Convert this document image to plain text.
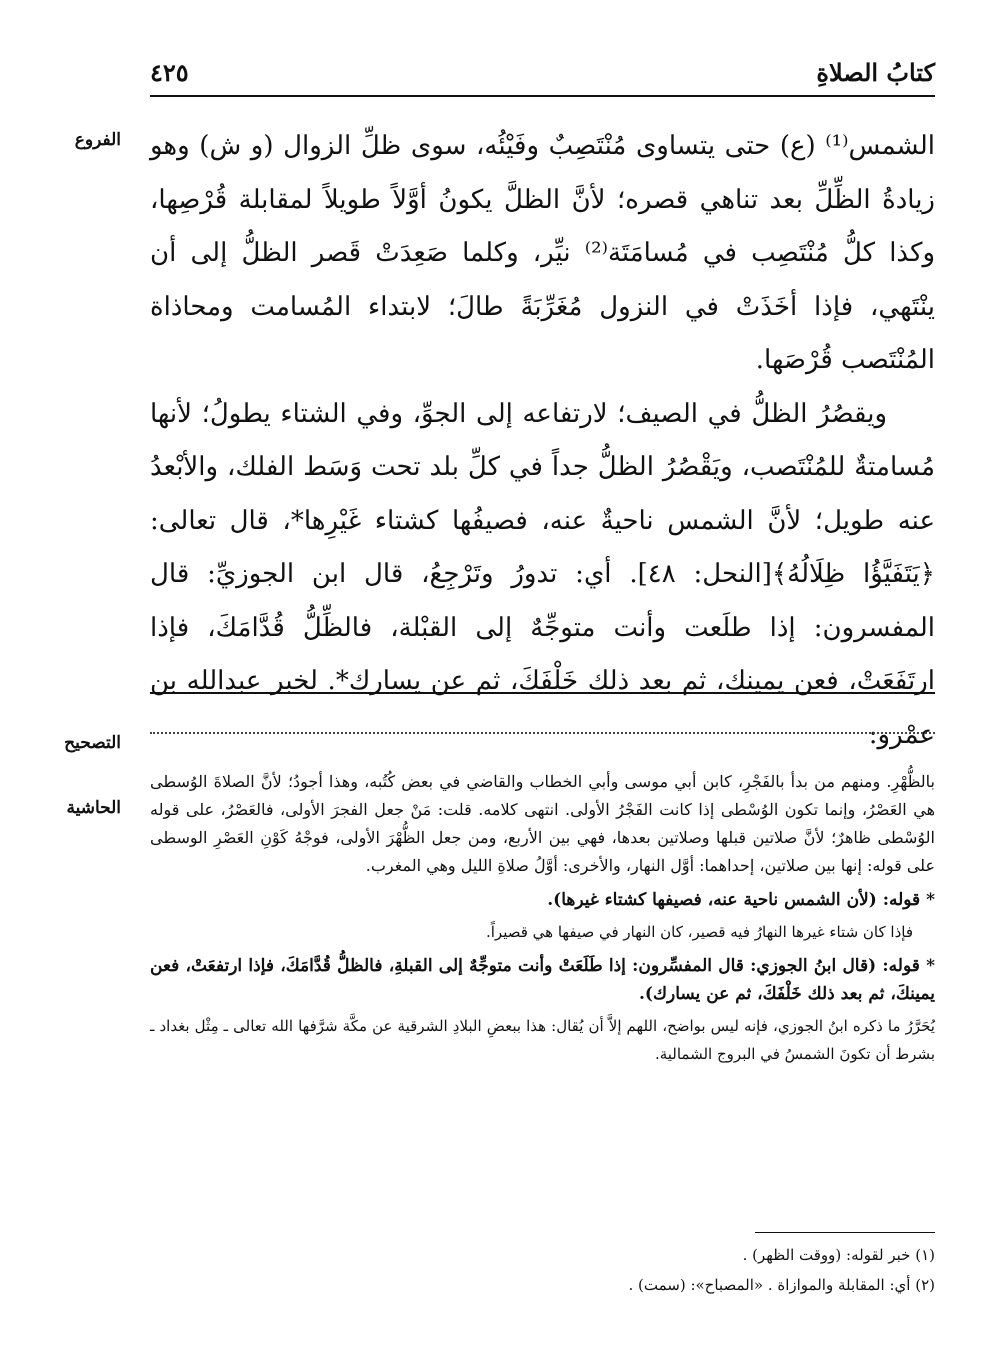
كتابُ الصلاةِ
٤٢٥
الفروع
التصحيح
الحاشية

الشمس⁽¹⁾ (ع) حتى يتساوى مُنْتَصِبٌ وفَيْئُه، سوى ظلِّ الزوال (و ش) وهو زيادةُ الظِّلِّ بعد تناهي قصره؛ لأنَّ الظلَّ يكونُ أوَّلاً طويلاً لمقابلة قُرْصِها، وكذا كلُّ مُنْتَصِب في مُسامَتَة⁽²⁾ نيِّر، وكلما صَعِدَتْ قَصر الظلُّ إلى أن ينْتَهي، فإذا أخَذَتْ في النزول مُغَرِّبَةً طالَ؛ لابتداء المُسامت ومحاذاة المُنْتَصب قُرْصَها.

ويقصُرُ الظلُّ في الصيف؛ لارتفاعه إلى الجوِّ، وفي الشتاء يطولُ؛ لأنها مُسامتةٌ للمُنْتَصب، ويَقْصُرُ الظلُّ جداً في كلِّ بلد تحت وَسَط الفلك، والأبْعدُ عنه طويل؛ لأنَّ الشمس ناحيةٌ عنه، فصيفُها كشتاء غَيْرِها*، قال تعالى: ﴿يَتَفَيَّؤُا ظِلَالُهُ﴾[النحل: ٤٨]. أي: تدورُ وتَرْجِعُ، قال ابن الجوزيِّ: قال المفسرون: إذا طلَعت وأنت متوجِّهٌ إلى القبْلة، فالظِّلُّ قُدَّامَكَ، فإذا ارتَفَعَتْ، فعن يمينك، ثم بعد ذلك خَلْفَكَ، ثم عن يسارك*. لخبر عبدالله بن عمْرو:

بالظُّهْرِ. ومنهم من بدأ بالفَجْرِ، كابن أبي موسى وأبي الخطاب والقاضي في بعض كُتُبه، وهذا أجودُ؛ لأنَّ الصلاةَ الوُسطى هي العَصْرُ، وإنما تكون الوُسْطى إذا كانت الفَجْرُ الأولى. انتهى كلامه. قلت: مَنْ جعل الفجرَ الأولى، فالعَصْرُ، على قوله الوُسْطى ظاهرٌ؛ لأنَّ صلاتين قبلها وصلاتين بعدها، فهي بين الأربع، ومن جعل الظُّهْرَ الأولى، فوجْهُ كَوْنِ العَصْرِ الوسطى على قوله: إنها بين صلاتين، إحداهما: أوَّل النهار، والأخرى: أوَّلُ صلاةِ الليل وهي المغرب.

* قوله: (لأن الشمس ناحية عنه، فصيفها كشتاء غيرها).

فإذا كان شتاء غيرها النهارُ فيه قصير، كان النهار في صيفها هي قصيراً.

* قوله: (قال ابنُ الجوزي: قال المفسِّرون: إذا طَلَعَتْ وأنت متوجِّهٌ إلى القبلةِ، فالظلُّ قُدَّامَكَ، فإذا ارتفعَتْ، فعن يمينكَ، ثم بعد ذلك خَلْفَكَ، ثم عن يسارك).

يُحَرَّرُ ما ذكره ابنُ الجوزي، فإنه ليس بواضح، اللهم إلاَّ أن يُقال: هذا ببعضِ البلادِ الشرقية عن مكَّة شرَّفها الله تعالى ـ مِثْل بغداد ـ بشرط أن تكونَ الشمسُ في البروج الشمالية.

(١) خبر لقوله: (ووقت الظهر) .

(٢) أي: المقابلة والموازاة . «المصباح»: (سمت) .
